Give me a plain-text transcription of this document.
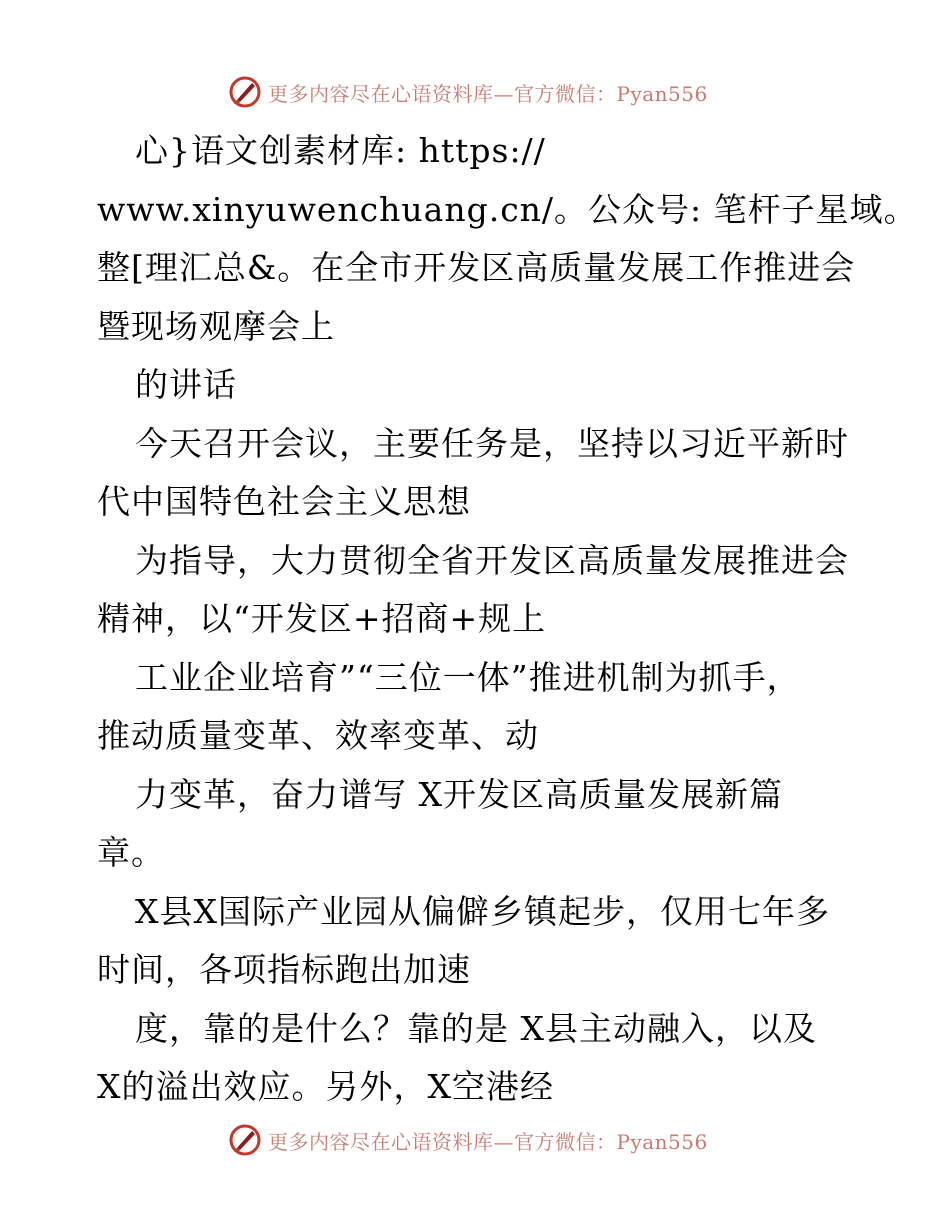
更多内容尽在心语资料库—官方微信：Pyan556
心}语文创素材库: https://
www.xinyuwenchuang.cn/。公众号: 笔杆子星域。
整[理汇总&。在全市开发区高质量发展工作推进会
暨现场观摩会上
的讲话
今天召开会议，主要任务是，坚持以习近平新时
代中国特色社会主义思想
为指导，大力贯彻全省开发区高质量发展推进会
精神，以“开发区+招商+规上
工业企业培育”“三位一体”推进机制为抓手，
推动质量变革、效率变革、动
力变革，奋力谱写 X开发区高质量发展新篇
章。
X县X国际产业园从偏僻乡镇起步，仅用七年多
时间，各项指标跑出加速
度，靠的是什么？靠的是 X县主动融入，以及
X的溢出效应。另外，X空港经
更多内容尽在心语资料库—官方微信：Pyan556
